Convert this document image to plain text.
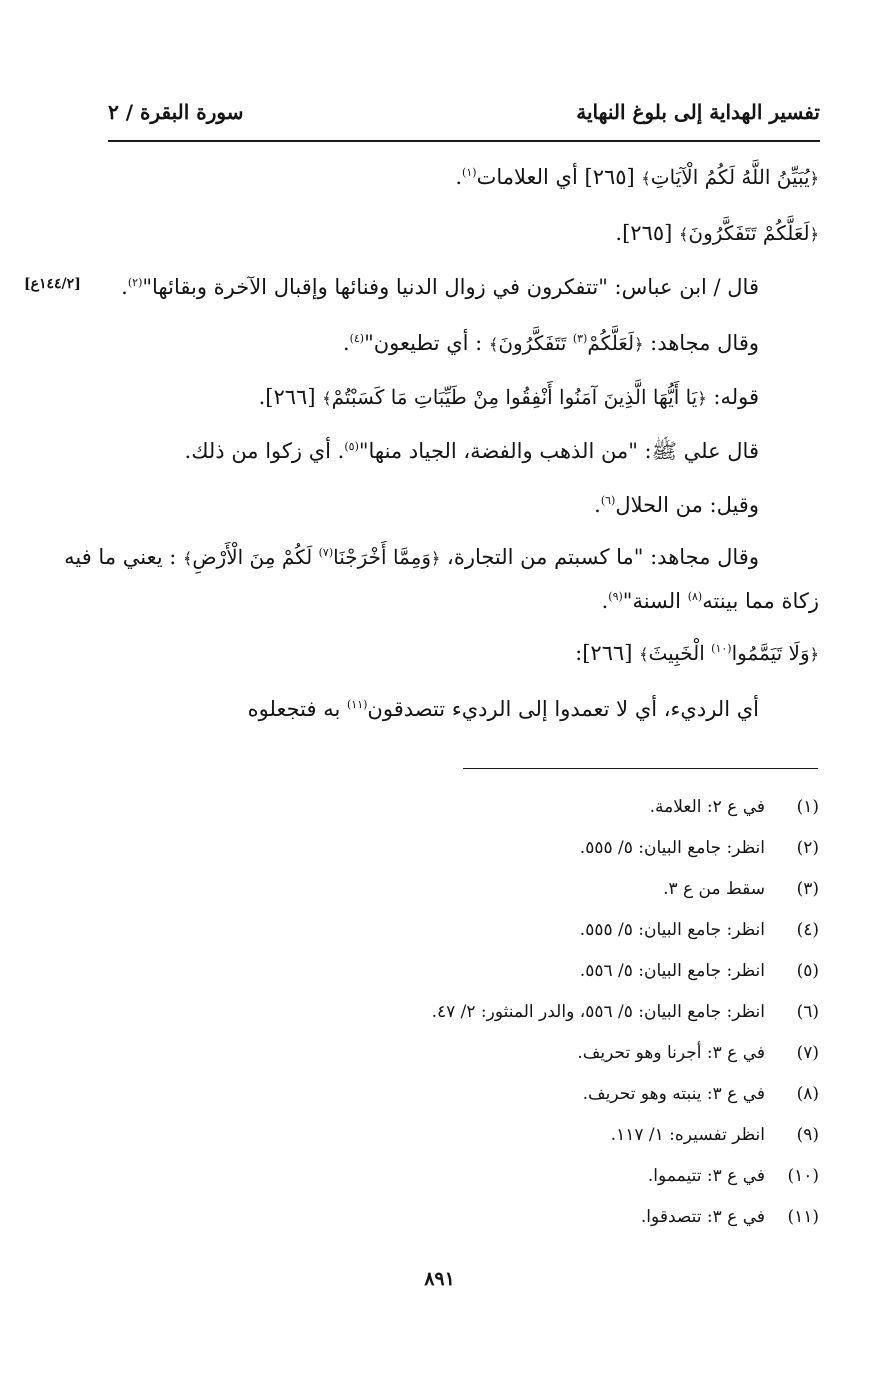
تفسير الهداية إلى بلوغ النهاية
سورة البقرة / ٢
﴿يُبَيِّنُ اللَّهُ لَكُمُ الْآيَاتِ﴾ [٢٦٥] أي العلامات$^{(١)}$.
﴿لَعَلَّكُمْ تَتَفَكَّرُونَ﴾ [٢٦٥].
قال / ابن عباس: "تتفكرون في زوال الدنيا وفنائها وإقبال الآخرة وبقائها"$^{(٢)}$.
[١٤٤/٢ع]
وقال مجاهد: ﴿لَعَلَّكُمْ$^{(٣)}$ تَتَفَكَّرُونَ﴾ : أي تطيعون"$^{(٤)}$.
قوله: ﴿يَا أَيُّهَا الَّذِينَ آمَنُوا أَنْفِقُوا مِنْ طَيِّبَاتِ مَا كَسَبْتُمْ﴾ [٢٦٦].
قال علي ﷺ: "من الذهب والفضة، الجياد منها"$^{(٥)}$. أي زكوا من ذلك.
وقيل: من الحلال$^{(٦)}$.
وقال مجاهد: "ما كسبتم من التجارة، ﴿وَمِمَّا أَخْرَجْنَا$^{(٧)}$ لَكُمْ مِنَ الْأَرْضِ﴾ : يعني ما فيه
زكاة مما بينته$^{(٨)}$ السنة"$^{(٩)}$.
﴿وَلَا تَيَمَّمُوا$^{(١٠)}$ الْخَبِيثَ﴾ [٢٦٦]:
أي الرديء، أي لا تعمدوا إلى الرديء تتصدقون$^{(١١)}$ به فتجعلوه
(١)في ع ٢: العلامة.
(٢)انظر: جامع البيان: ٥/ ٥٥٥.
(٣)سقط من ع ٣.
(٤)انظر: جامع البيان: ٥/ ٥٥٥.
(٥)انظر: جامع البيان: ٥/ ٥٥٦.
(٦)انظر: جامع البيان: ٥/ ٥٥٦، والدر المنثور: ٢/ ٤٧.
(٧)في ع ٣: أجرنا وهو تحريف.
(٨)في ع ٣: ينبته وهو تحريف.
(٩)انظر تفسيره: ١/ ١١٧.
(١٠)في ع ٣: تتيمموا.
(١١)في ع ٣: تتصدقوا.
٨٩١
